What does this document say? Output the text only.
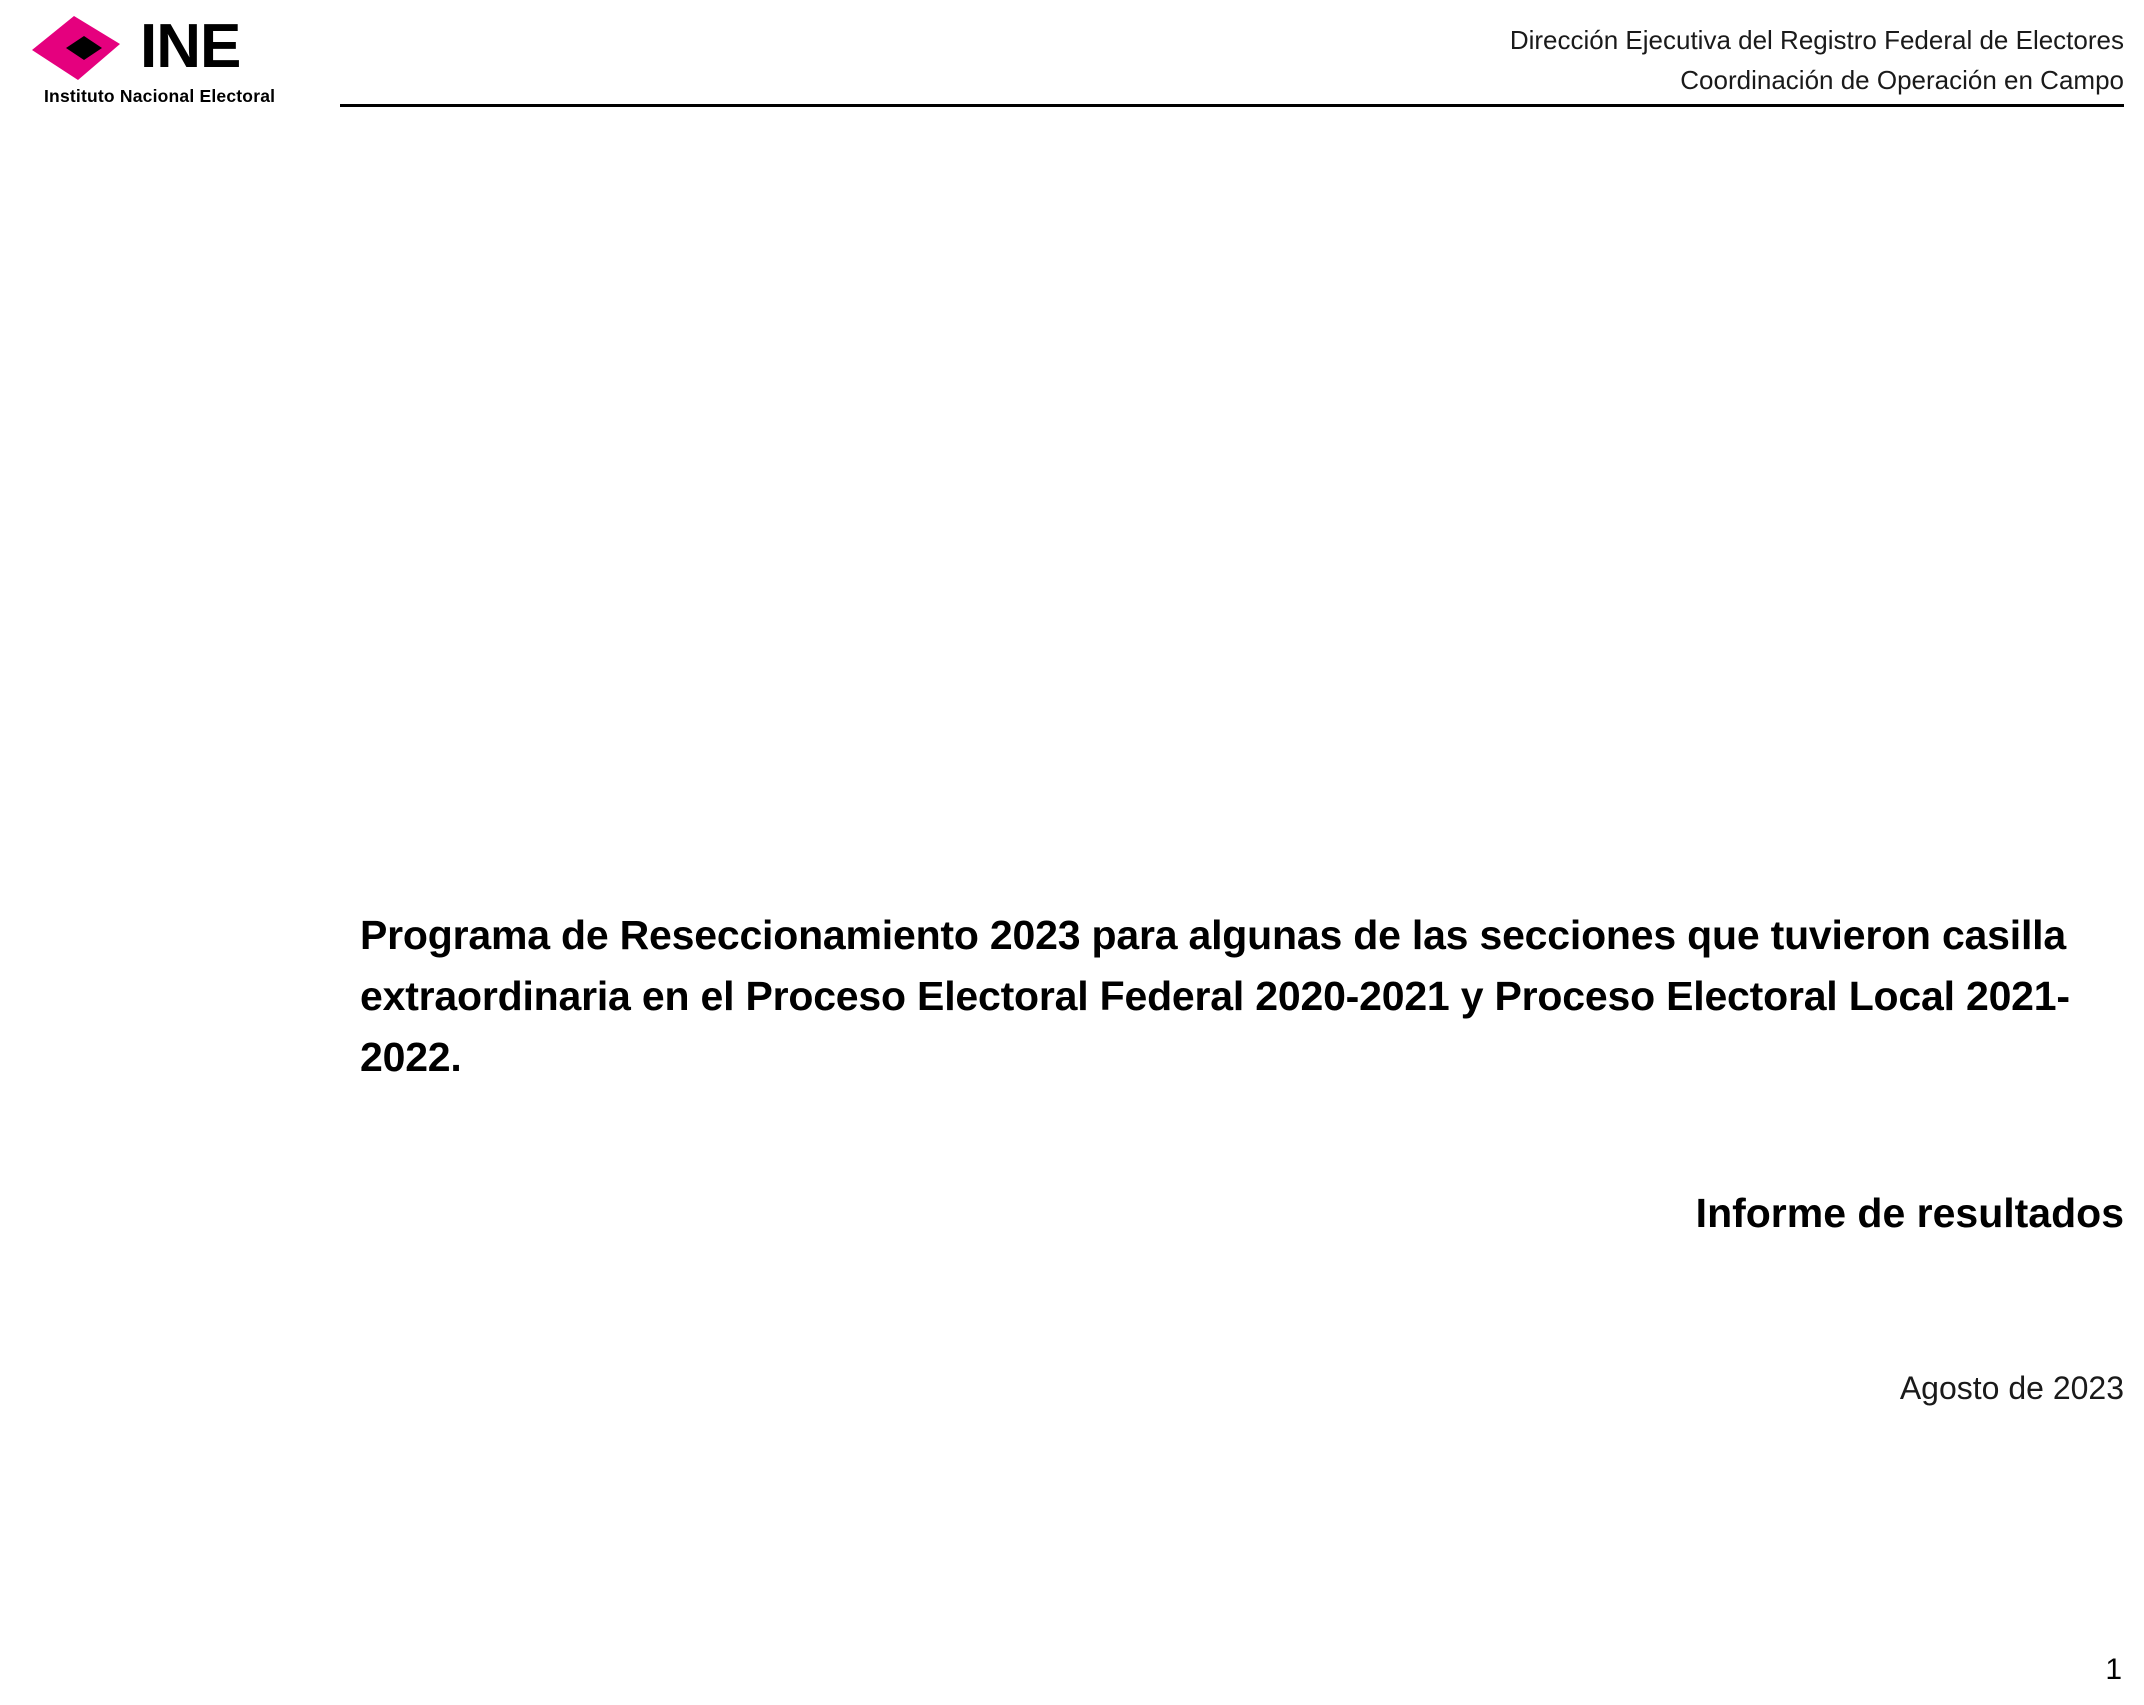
INE
Instituto Nacional Electoral
Dirección Ejecutiva del Registro Federal de Electores
Coordinación de Operación en Campo
Programa de Reseccionamiento 2023 para algunas de las secciones que tuvieron casilla extraordinaria en el Proceso Electoral Federal 2020-2021 y Proceso Electoral Local 2021-2022.
Informe de resultados
Agosto de 2023
1
